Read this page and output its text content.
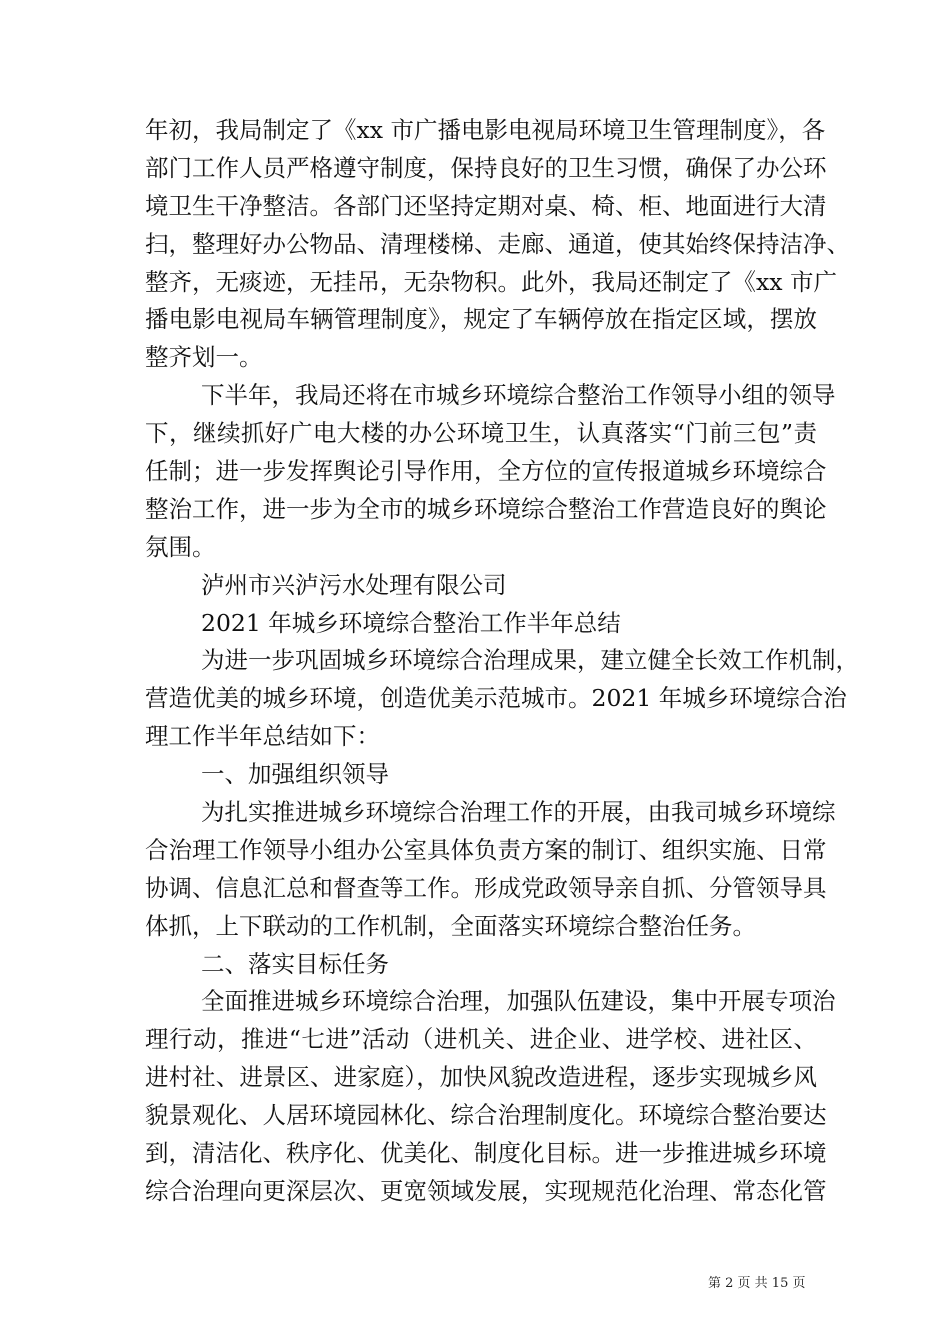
年初，我局制定了《xx 市广播电影电视局环境卫生管理制度》，各
部门工作人员严格遵守制度，保持良好的卫生习惯，确保了办公环
境卫生干净整洁。各部门还坚持定期对桌、椅、柜、地面进行大清
扫，整理好办公物品、清理楼梯、走廊、通道，使其始终保持洁净、
整齐，无痰迹，无挂吊，无杂物积。此外，我局还制定了《xx 市广
播电影电视局车辆管理制度》，规定了车辆停放在指定区域，摆放
整齐划一。
下半年，我局还将在市城乡环境综合整治工作领导小组的领导
下，继续抓好广电大楼的办公环境卫生，认真落实“门前三包”责
任制；进一步发挥舆论引导作用，全方位的宣传报道城乡环境综合
整治工作，进一步为全市的城乡环境综合整治工作营造良好的舆论
氛围。
泸州市兴泸污水处理有限公司
2021 年城乡环境综合整治工作半年总结
为进一步巩固城乡环境综合治理成果，建立健全长效工作机制，
营造优美的城乡环境，创造优美示范城市。2021 年城乡环境综合治
理工作半年总结如下：
一、加强组织领导
为扎实推进城乡环境综合治理工作的开展，由我司城乡环境综
合治理工作领导小组办公室具体负责方案的制订、组织实施、日常
协调、信息汇总和督查等工作。形成党政领导亲自抓、分管领导具
体抓，上下联动的工作机制，全面落实环境综合整治任务。
二、落实目标任务
全面推进城乡环境综合治理，加强队伍建设，集中开展专项治
理行动，推进“七进”活动（进机关、进企业、进学校、进社区、
进村社、进景区、进家庭），加快风貌改造进程，逐步实现城乡风
貌景观化、人居环境园林化、综合治理制度化。环境综合整治要达
到，清洁化、秩序化、优美化、制度化目标。进一步推进城乡环境
综合治理向更深层次、更宽领域发展，实现规范化治理、常态化管
第 2 页 共 15 页
